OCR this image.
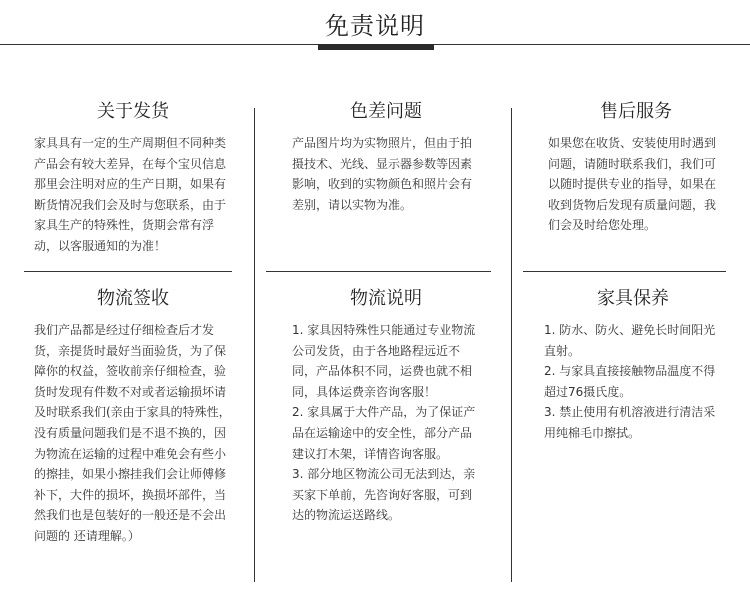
免责说明
关于发货
家具具有一定的生产周期但不同种类产品会有较大差异，在每个宝贝信息那里会注明对应的生产日期，如果有断货情况我们会及时与您联系，由于家具生产的特殊性，货期会常有浮动，以客服通知的为准！
色差问题
产品图片均为实物照片，但由于拍摄技术、光线、显示器参数等因素影响，收到的实物颜色和照片会有差别，请以实物为准。
售后服务
如果您在收货、安装使用时遇到问题，请随时联系我们，我们可以随时提供专业的指导，如果在收到货物后发现有质量问题，我们会及时给您处理。
物流签收
我们产品都是经过仔细检查后才发货，亲提货时最好当面验货，为了保障你的权益，签收前亲仔细检查，验货时发现有件数不对或者运输损坏请及时联系我们(亲由于家具的特殊性，没有质量问题我们是不退不换的，因为物流在运输的过程中难免会有些小的擦挂，如果小擦挂我们会让师傅修补下，大件的损坏，换损坏部件，当然我们也是包装好的一般还是不会出问题的 还请理解。）
物流说明
1. 家具因特殊性只能通过专业物流公司发货，由于各地路程远近不同，产品体积不同，运费也就不相同，具体运费亲咨询客服！
2. 家具属于大件产品，为了保证产品在运输途中的安全性，部分产品建议打木架，详情咨询客服。
3. 部分地区物流公司无法到达，亲买家下单前，先咨询好客服，可到达的物流运送路线。
家具保养
1. 防水、防火、避免长时间阳光直射。
2. 与家具直接接触物品温度不得超过76摄氏度。
3. 禁止使用有机溶液进行清洁采用纯棉毛巾擦拭。
